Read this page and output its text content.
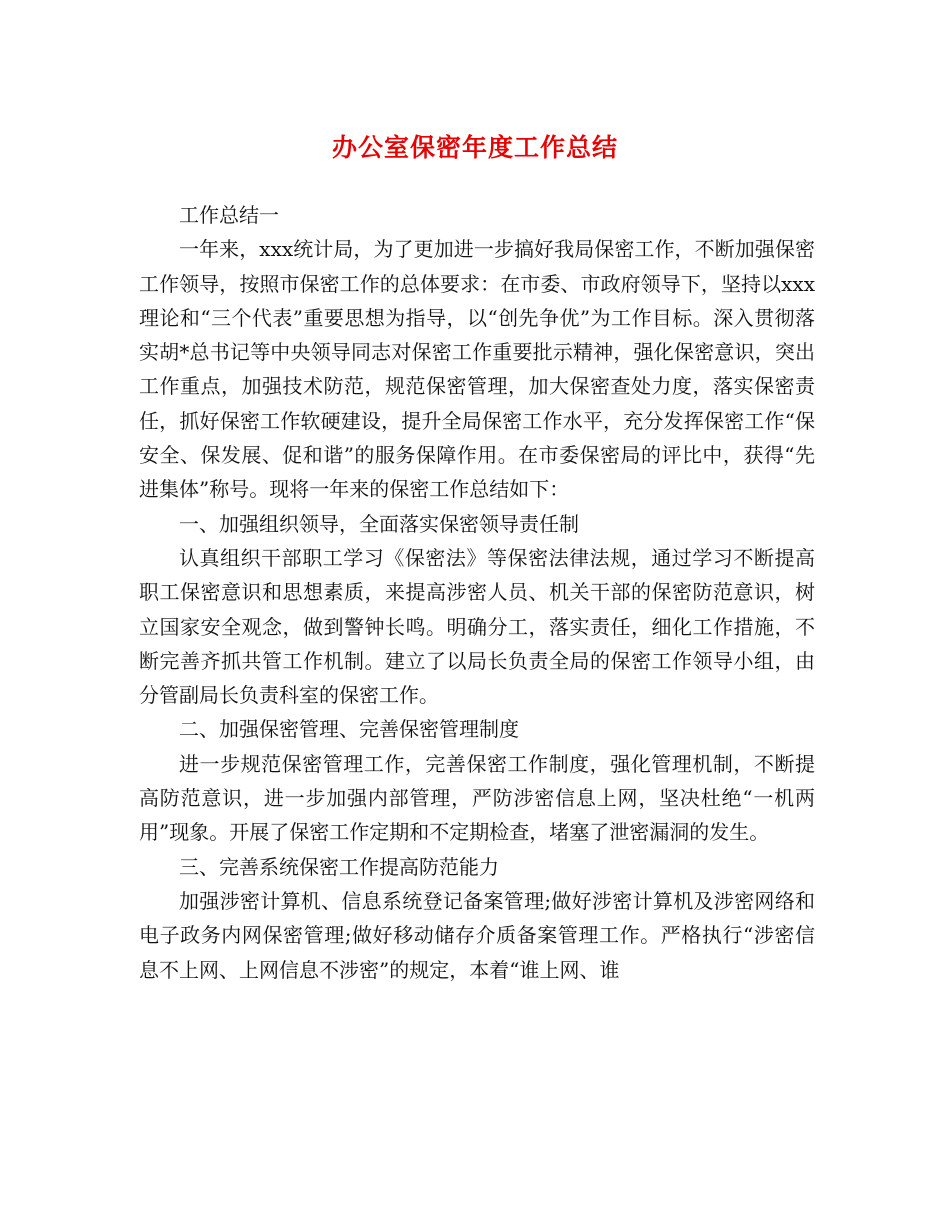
办公室保密年度工作总结

工作总结一

一年来，xxx统计局，为了更加进一步搞好我局保密工作，不断加强保密工作领导，按照市保密工作的总体要求：在市委、市政府领导下，坚持以xxx理论和“三个代表”重要思想为指导，以“创先争优”为工作目标。深入贯彻落实胡*总书记等中央领导同志对保密工作重要批示精神，强化保密意识，突出工作重点，加强技术防范，规范保密管理，加大保密查处力度，落实保密责任，抓好保密工作软硬建设，提升全局保密工作水平，充分发挥保密工作“保安全、保发展、促和谐”的服务保障作用。在市委保密局的评比中，获得“先进集体”称号。现将一年来的保密工作总结如下：

一、加强组织领导，全面落实保密领导责任制

认真组织干部职工学习《保密法》等保密法律法规，通过学习不断提高职工保密意识和思想素质，来提高涉密人员、机关干部的保密防范意识，树立国家安全观念，做到警钟长鸣。明确分工，落实责任，细化工作措施，不断完善齐抓共管工作机制。建立了以局长负责全局的保密工作领导小组，由分管副局长负责科室的保密工作。

二、加强保密管理、完善保密管理制度

进一步规范保密管理工作，完善保密工作制度，强化管理机制，不断提高防范意识，进一步加强内部管理，严防涉密信息上网，坚决杜绝“一机两用”现象。开展了保密工作定期和不定期检查，堵塞了泄密漏洞的发生。

三、完善系统保密工作提高防范能力

加强涉密计算机、信息系统登记备案管理;做好涉密计算机及涉密网络和电子政务内网保密管理;做好移动储存介质备案管理工作。严格执行“涉密信息不上网、上网信息不涉密”的规定，本着“谁上网、谁
